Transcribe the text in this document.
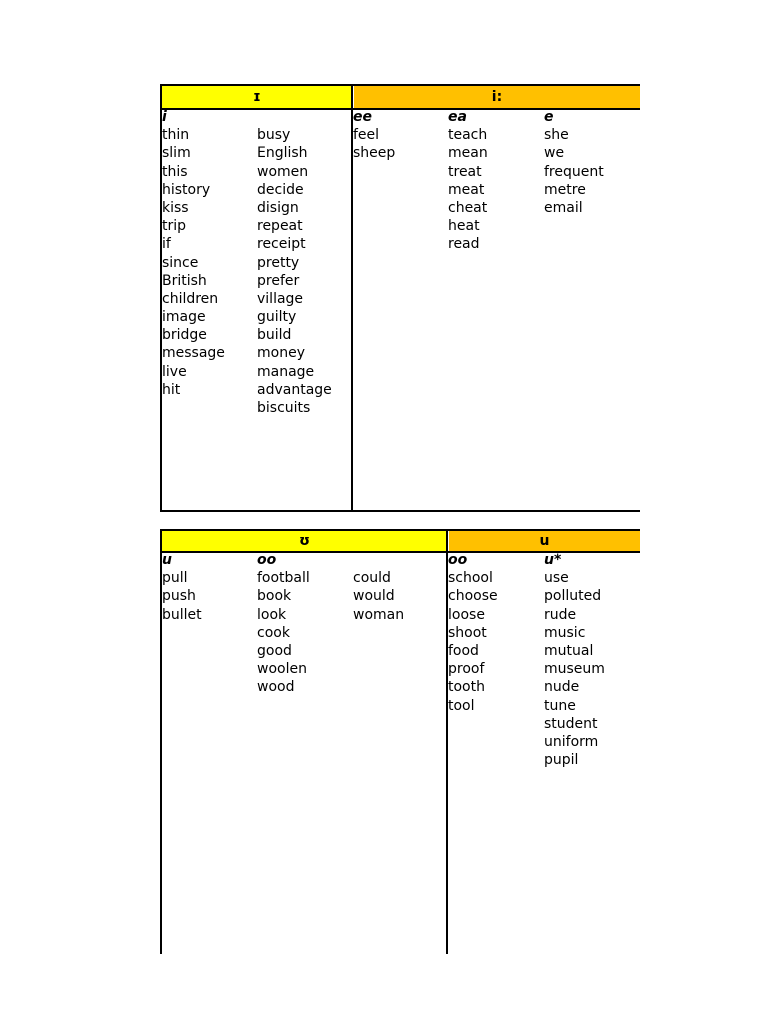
ɪ	i:
i
thin
slim
this
history
kiss
trip
if
since
British
children
image
bridge
message
live
hit
busy
English
women
decide
disign
repeat
receipt
pretty
prefer
village
guilty
build
money
manage
advantage
biscuits
ee
feel
sheep
ea
teach
mean
treat
meat
cheat
heat
read
e
she
we
frequent
metre
email
ʊ	u
u
pull
push
bullet
oo
football
book
look
cook
good
woolen
wood
could
would
woman
oo
school
choose
loose
shoot
food
proof
tooth
tool
u*
use
polluted
rude
music
mutual
museum
nude
tune
student
uniform
pupil
